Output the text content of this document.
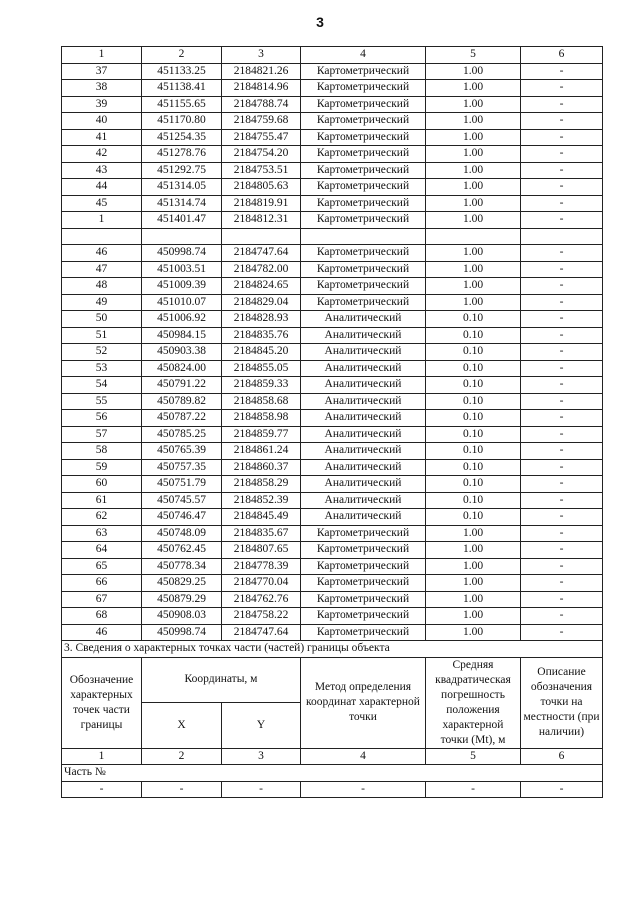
3
1	2	3	4	5	6
37	451133.25	2184821.26	Картометрический	1.00	-
38	451138.41	2184814.96	Картометрический	1.00	-
39	451155.65	2184788.74	Картометрический	1.00	-
40	451170.80	2184759.68	Картометрический	1.00	-
41	451254.35	2184755.47	Картометрический	1.00	-
42	451278.76	2184754.20	Картометрический	1.00	-
43	451292.75	2184753.51	Картометрический	1.00	-
44	451314.05	2184805.63	Картометрический	1.00	-
45	451314.74	2184819.91	Картометрический	1.00	-
1	451401.47	2184812.31	Картометрический	1.00	-

46	450998.74	2184747.64	Картометрический	1.00	-
47	451003.51	2184782.00	Картометрический	1.00	-
48	451009.39	2184824.65	Картометрический	1.00	-
49	451010.07	2184829.04	Картометрический	1.00	-
50	451006.92	2184828.93	Аналитический	0.10	-
51	450984.15	2184835.76	Аналитический	0.10	-
52	450903.38	2184845.20	Аналитический	0.10	-
53	450824.00	2184855.05	Аналитический	0.10	-
54	450791.22	2184859.33	Аналитический	0.10	-
55	450789.82	2184858.68	Аналитический	0.10	-
56	450787.22	2184858.98	Аналитический	0.10	-
57	450785.25	2184859.77	Аналитический	0.10	-
58	450765.39	2184861.24	Аналитический	0.10	-
59	450757.35	2184860.37	Аналитический	0.10	-
60	450751.79	2184858.29	Аналитический	0.10	-
61	450745.57	2184852.39	Аналитический	0.10	-
62	450746.47	2184845.49	Аналитический	0.10	-
63	450748.09	2184835.67	Картометрический	1.00	-
64	450762.45	2184807.65	Картометрический	1.00	-
65	450778.34	2184778.39	Картометрический	1.00	-
66	450829.25	2184770.04	Картометрический	1.00	-
67	450879.29	2184762.76	Картометрический	1.00	-
68	450908.03	2184758.22	Картометрический	1.00	-
46	450998.74	2184747.64	Картометрический	1.00	-
3. Сведения о характерных точках части (частей) границы объекта					
Обозначение характерных точек части границы	Координаты, м		Метод определения координат характерной точки	Средняя квадратическая погрешность положения характерной точки (Mt), м	Описание обозначения точки на местности (при наличии)
	X	Y			
1	2	3	4	5	6
Часть №					
-	-	-	-	-	-
